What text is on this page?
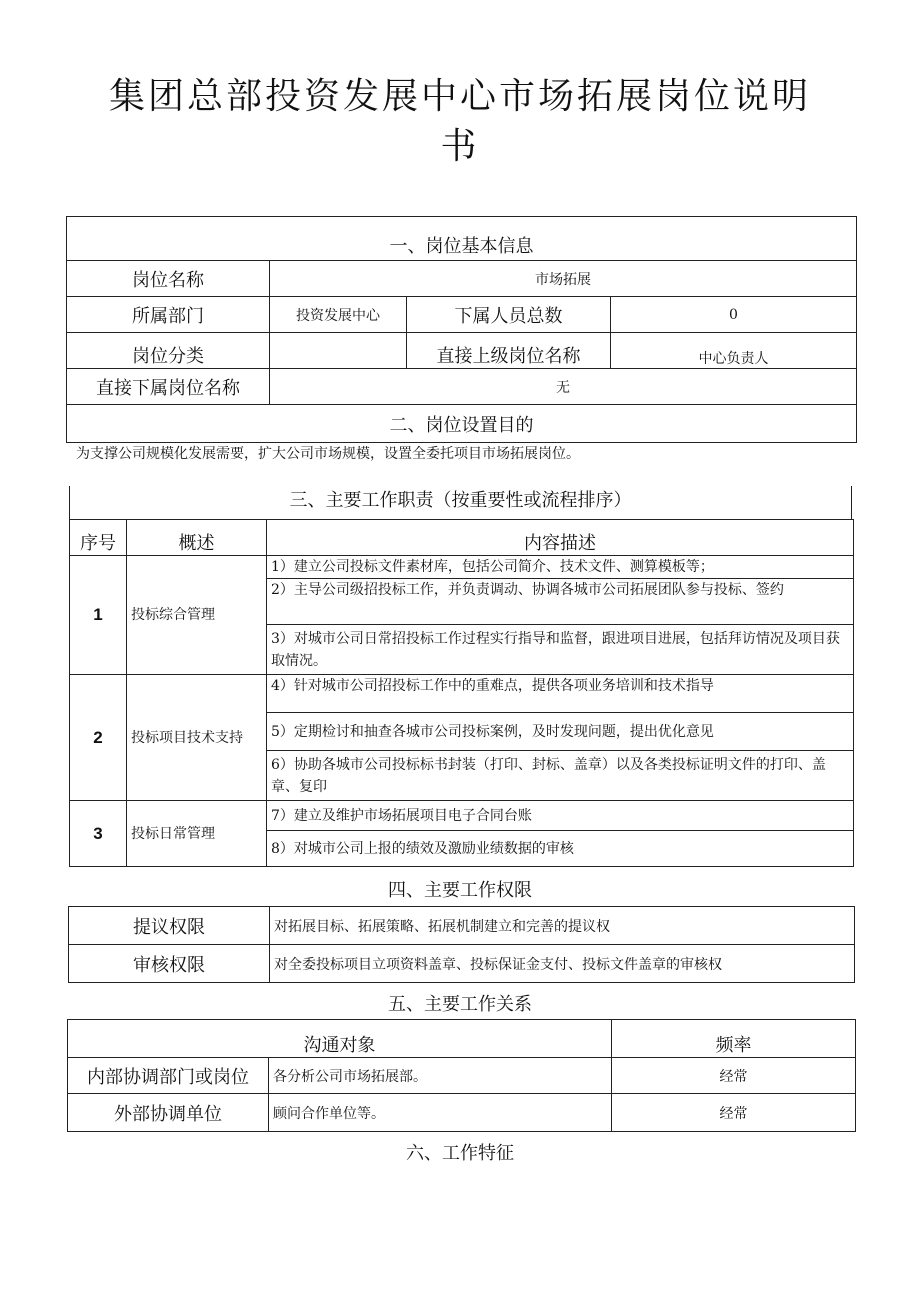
集团总部投资发展中心市场拓展岗位说明
书
一、岗位基本信息			
岗位名称	市场拓展		
所属部门	投资发展中心	下属人员总数	0
岗位分类		直接上级岗位名称	中心负责人
直接下属岗位名称	无		
二、岗位设置目的			
为支撑公司规模化发展需要，扩大公司市场规模，设置全委托项目市场拓展岗位。
三、主要工作职责（按重要性或流程排序）
序号	概述	内容描述
1	投标综合管理	1）建立公司投标文件素材库，包括公司简介、技术文件、测算模板等；
		2）主导公司级招投标工作，并负责调动、协调各城市公司拓展团队参与投标、签约
		3）对城市公司日常招投标工作过程实行指导和监督，跟进项目进展，包括拜访情况及项目获取情况。
2	投标项目技术支持	4）针对城市公司招投标工作中的重难点，提供各项业务培训和技术指导
		5）定期检讨和抽查各城市公司投标案例，及时发现问题，提出优化意见
		6）协助各城市公司投标标书封装（打印、封标、盖章）以及各类投标证明文件的打印、盖章、复印
3	投标日常管理	7）建立及维护市场拓展项目电子合同台账
		8）对城市公司上报的绩效及激励业绩数据的审核
四、主要工作权限
提议权限	对拓展目标、拓展策略、拓展机制建立和完善的提议权
审核权限	对全委投标项目立项资料盖章、投标保证金支付、投标文件盖章的审核权
五、主要工作关系
沟通对象		频率
内部协调部门或岗位	各分析公司市场拓展部。	经常
外部协调单位	顾问合作单位等。	经常
六、工作特征
